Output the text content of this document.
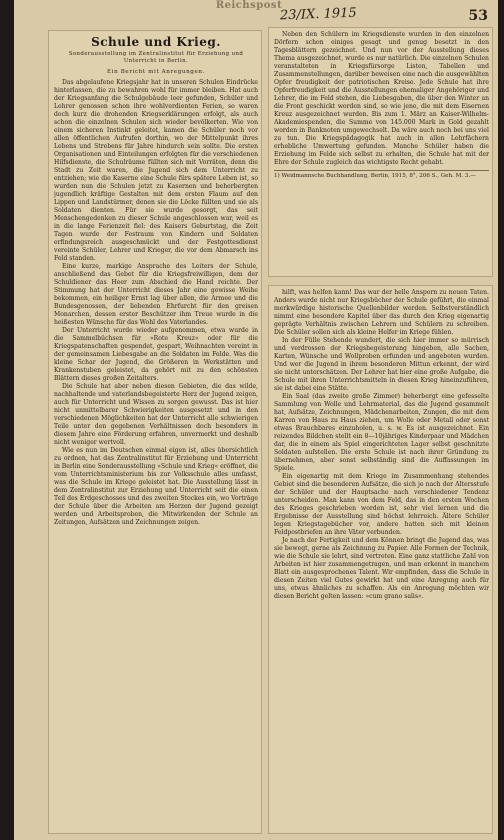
Reichspost
23/IX. 1915	53
Schule und Krieg.
Sonderausstellung im Zentralinstitut für Erziehung und Unterricht in Berlin.
Ein Bericht mit Anregungen.

Das abgelaufene Kriegsjahr hat in unseren Schulen Eindrücke hinterlassen, die zu bewahren wohl für immer bleiben. Hat auch der Kriegsanfang die Schulgebäude leer gefunden, Schüler und Lehrer genossen schon ihre wohlverdienten Ferien, so waren doch kurz die drohenden Kriegserklärungen erfolgt, als auch schon die einzelnen Schulen sich wieder bevölkerten. Wie von einem sicheren Instinkt geleitet, kamen die Schüler noch vor allen öffentlichen Aufrufen dorthin, wo der Mittelpunkt ihres Lebens und Strebens für Jahre hindurch sein sollte. Die ersten Organisationen und Einteilungen erfolgten für die verschiedenen Hilfsdienste, die Schulräume füllten sich mit Vorräten, denn die Stadt zu Zeit waren, die Jugend sich dem Unterricht zu entziehen; wie die Kaserne eine Schule fürs spätere Leben ist, so wurden nun die Schulen jetzt zu Kasernen und beherbergten jugendlich kräftige Gestalten mit dem ersten Flaum auf den Lippen und Landstürmer, denen sie die Löcke füllten und sie als Soldaten dienten. Für sie wurde gesorgt, das seit Menschengedenken zu dieser Schule angeschlossen war, weil es in die lange Ferienzeit fiel: des Kaisers Geburtstag, die Zeit Tagen wurde der Festraum von Kindern und Soldaten erfindungsreich ausgeschmückt und der Festgottesdienst vereinte Schüler, Lehrer und Krieger, die vor dem Abmarsch ins Feld standen.

Eine kurze, markige Ansprache des Leiters der Schule, anschließend das Gebet für die Kriegsfreiwilligen, dem der Schuldiener das Heer zum Abschied die Hand reichte. Der Stimmung hat der Unterricht dieses Jahr eine gewisse Weihe bekommen, ein heiliger Ernst lag über allen, die Armee und die Bundesgenossen, der liebenden Ehrfurcht für den greisen Monarchen, dessen erster Beschützer ihm Treue wurde in die heißesten Wünsche für das Wohl des Vaterlandes.

Der Unterricht wurde wieder aufgenommen, etwa wurde in die Sammelbüchsen für »Rote Kreuz« oder für die Kriegspatenschaften gespendet, gespart, Weihnachten vereint in der gemeinsamen Liebesgabe an die Soldaten im Felde. Was die kleine Schar der Jugend, die Größeren in Werkstätten und Krankenstuben geleistet, da gehört mit zu den schönsten Blättern dieses großen Zeitalters.

Die Schule hat aber neben diesen Gebieten, die das wilde, nachhaltende und vaterlandsbegeisterte Herz der Jugend zeigen, auch für Unterricht und Wissen zu sorgen gewusst. Das ist hier nicht unmittelbarer Schwierigkeiten ausgesetzt und in den verschiedenen Möglichkeiten hat der Unterricht alle schwierigen Teile unter den gegebenen Verhältnissen doch besonders in diesem Jahre eine Förderung erfahren, unvermerkt und deshalb nicht weniger wertvoll.

Wie es nun im Deutschen einmal eigen ist, alles übersichtlich zu ordnen, hat das Zentralinstitut für Erziehung und Unterricht in Berlin eine Sonderausstellung »Schule und Krieg« eröffnet, die vom Unterrichtsministerium bis zur Volksschule alles umfasst, was die Schule im Kriege geleistet hat. Die Ausstellung lässt in dem Zentralinstitut zur Erziehung und Unterricht seit die einen Teil des Erdgeschosses und des zweiten Stockes ein, wo Vorträge der Schule über die Arbeiten am Herzen der Jugend gezeigt werden und Arbeitsproben, die Mitwirkenden der Schule an Zeitungen, Aufsätzen und Zeichnungen zeigen.

Neben den Schülern im Kriegsdienste wurden in den einzelnen Dörfern schon einiges gesagt und genug besetzt in den Tagesblättern gezeichnet. Und nun vor der Ausstellung dieses Thema ausgezeichnet, wurde es nur natürlich. Die einzelnen Schulen veranstalteten in Kriegsfürsorge Listen, Tabellen und Zusammenstellungen, darüber beweisen eine nach die ausgewählten Opfer freudigkeit der patriotischen Kreise. Jede Schule hat ihre Opferfreudigkeit und die Ausstellungen ehemaliger Angehöriger und Lehrer, die im Feld stehen, die Liebesgaben, die über den Winter an die Front geschickt worden sind, so wie jene, die mit dem Eisernen Kreuz ausgezeichnet wurden. Bis zum 1. März an Kaiser-Wilhelm-Akademiespenden, die Summe von 145.000 Mark in Gold gezahlt worden in Banknoten umgewechselt. Da wäre auch noch bei uns viel zu tun. Die Kriegspädagogik hat auch in allen Lehrfächern erhebliche Umwertung gefunden. Manche Schüler haben die Erziehung im Felde sich selbst zu erhalten, die Schule hat mit der Ehre der Schule zugleich das wichtigste Recht gehabt.

1) Weidmannsche Buchhandlung, Berlin, 1915, 8°, 206 S., Geh. M. 3.—

hilft, was helfen kann! Das war der helle Ansporn zu neuen Taten. Anders wurde nicht nur Kriegsbücher der Schule geführt, die einmal merkwürdige historische Quellenbilder werden. Selbstverständlich nimmt eine besondere Kapitel über das durch den Krieg eigenartig geprägte Verhältnis zwischen Lehrern und Schülern zu schreiben. Die Schüler sollen sich als kleine Helfer im Kriege fühlen.

In der Fülle Stehende wundert, die sich hier immer so mürrisch und verdrossen der Kriegsbegeisterung hingeben, alle Sachen, Karten, Wünsche und Wollproben erfunden und angeboten wurden. Und wer die Jugend in ihrem besonderen Mittun erkennt, der wird sie nicht unterschätzen. Der Lehrer hat hier eine große Aufgabe, die Schule mit ihren Unterrichtsmitteln in diesen Krieg hineinzuführen, sie ist dabei eine Stätte.

Ein Saal (das zweite große Zimmer) beherbergt eine gefesselte Sammlung von Wolle und Lehrmaterial, das die Jugend gesammelt hat, Aufsätze, Zeichnungen, Mädchenarbeiten, Zungen, die mit dem Karren von Haus zu Haus ziehen, um Wolle oder Metall oder sonst etwas Brauchbares einzuholen, u. s. w. Es ist ausgezeichnet. Ein reizendes Bildchen stellt ein 8—10jähriges Kinderpaar und Mädchen dar, die in einem als Spiel eingerichteten Lager selbst geschnitzte Soldaten aufstellen. Die erste Schule ist nach ihrer Gründung zu übernehmen, aber sonst selbständig sind die Auffassungen im Spiele.

Ein eigenartig mit dem Kriege im Zusammenhang stehendes Gebiet sind die besonderen Aufsätze, die sich je nach der Altersstufe der Schüler und der Hauptsache nach verschiedener Tendenz unterscheiden. Man kann von dem Feld, das in den ersten Wochen des Krieges geschrieben worden ist, sehr viel lernen und die Ergebnisse der Ausstellung sind höchst lehrreich. Ältere Schüler legen Kriegstagebücher vor, andere hatten sich mit kleinen Feldpostbriefen an ihre Väter verbunden.

Je nach der Fertigkeit und dem Können bringt die Jugend das, was sie bewegt, gerne als Zeichnung zu Papier. Alle Formen der Technik, wie die Schule sie lehrt, sind vertreten. Eine ganz stattliche Zahl von Arbeiten ist hier zusammengetragen, und man erkennt in manchem Blatt ein ausgesprochenes Talent. Wir empfinden, dass die Schule in diesen Zeiten viel Gutes gewirkt hat und eine Anregung auch für uns, etwas ähnliches zu schaffen. Als ein Anregung möchten wir diesen Bericht gelten lassen: »cum grano salis«.
